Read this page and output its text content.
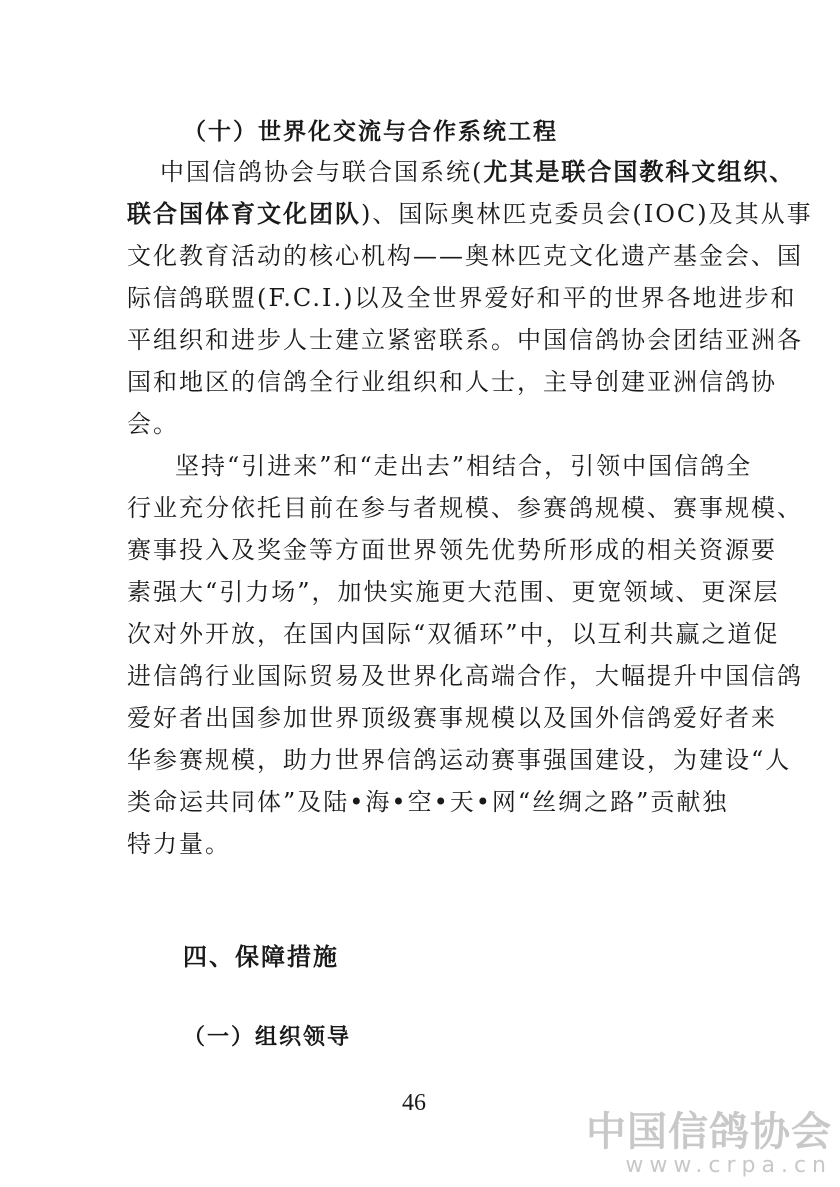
（十）世界化交流与合作系统工程
中国信鸽协会与联合国系统(尤其是联合国教科文组织、
联合国体育文化团队)、国际奥林匹克委员会(IOC)及其从事
文化教育活动的核心机构——奥林匹克文化遗产基金会、国
际信鸽联盟(F.C.I.)以及全世界爱好和平的世界各地进步和
平组织和进步人士建立紧密联系。中国信鸽协会团结亚洲各
国和地区的信鸽全行业组织和人士，主导创建亚洲信鸽协
会。
坚持“引进来”和“走出去”相结合，引领中国信鸽全
行业充分依托目前在参与者规模、参赛鸽规模、赛事规模、
赛事投入及奖金等方面世界领先优势所形成的相关资源要
素强大“引力场”，加快实施更大范围、更宽领域、更深层
次对外开放，在国内国际“双循环”中，以互利共赢之道促
进信鸽行业国际贸易及世界化高端合作，大幅提升中国信鸽
爱好者出国参加世界顶级赛事规模以及国外信鸽爱好者来
华参赛规模，助力世界信鸽运动赛事强国建设，为建设“人
类命运共同体”及陆•海•空•天•网“丝绸之路”贡献独
特力量。
四、保障措施
（一）组织领导
46
中国信鸽协会
www.crpa.cn
